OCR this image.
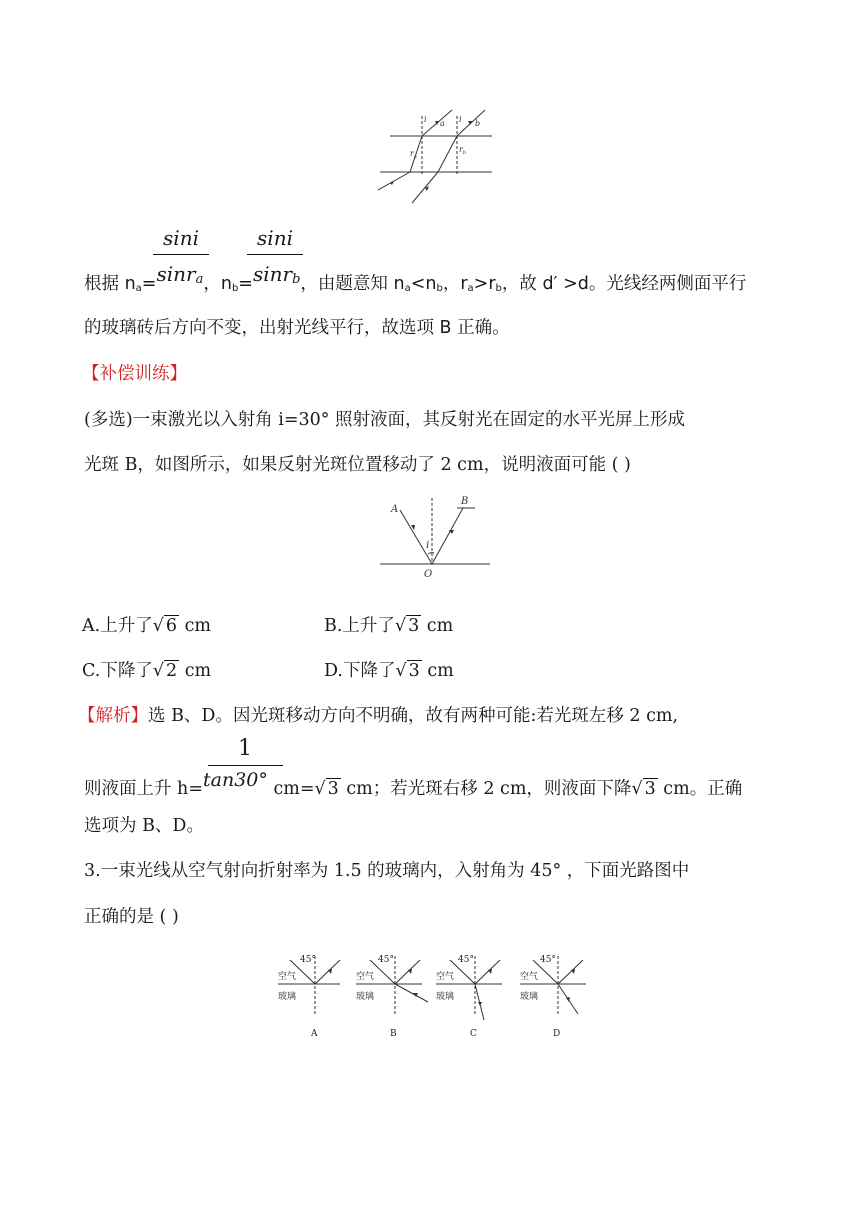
i a i b
$r_a$
$r_b$
sini	sini
根据 $n_a=\sin r_a$，$n_b=\sin r_b$，由题意知 $n_a<n_b$，$r_a>r_b$，故 d′ >d。光线经两侧面平行
的玻璃砖后方向不变，出射光线平行，故选项 B 正确。
【补偿训练】
(多选)一束激光以入射角 i=30° 照射液面，其反射光在固定的水平光屏上形成
光斑 B，如图所示，如果反射光斑位置移动了 2 cm，说明液面可能 ( )
A
B
i
O
A.上升了√ 6 cm	B.上升了√ 3 cm
C.下降了√ 2 cm	D.下降了√ 3 cm
【解析】选 B、D。因光斑移动方向不明确，故有两种可能:若光斑左移 2 cm,
1
则液面上升 h=tan30° cm=√ 3 cm；若光斑右移 2 cm，则液面下降√ 3 cm。正确
选项为 B、D。
3.一束光线从空气射向折射率为 1.5 的玻璃内，入射角为 45° ，下面光路图中
正确的是 ( )
45°
空气
玻璃
A
45°
空气
玻璃
B
45°
空气
玻璃
C
45°
空气
玻璃
D
